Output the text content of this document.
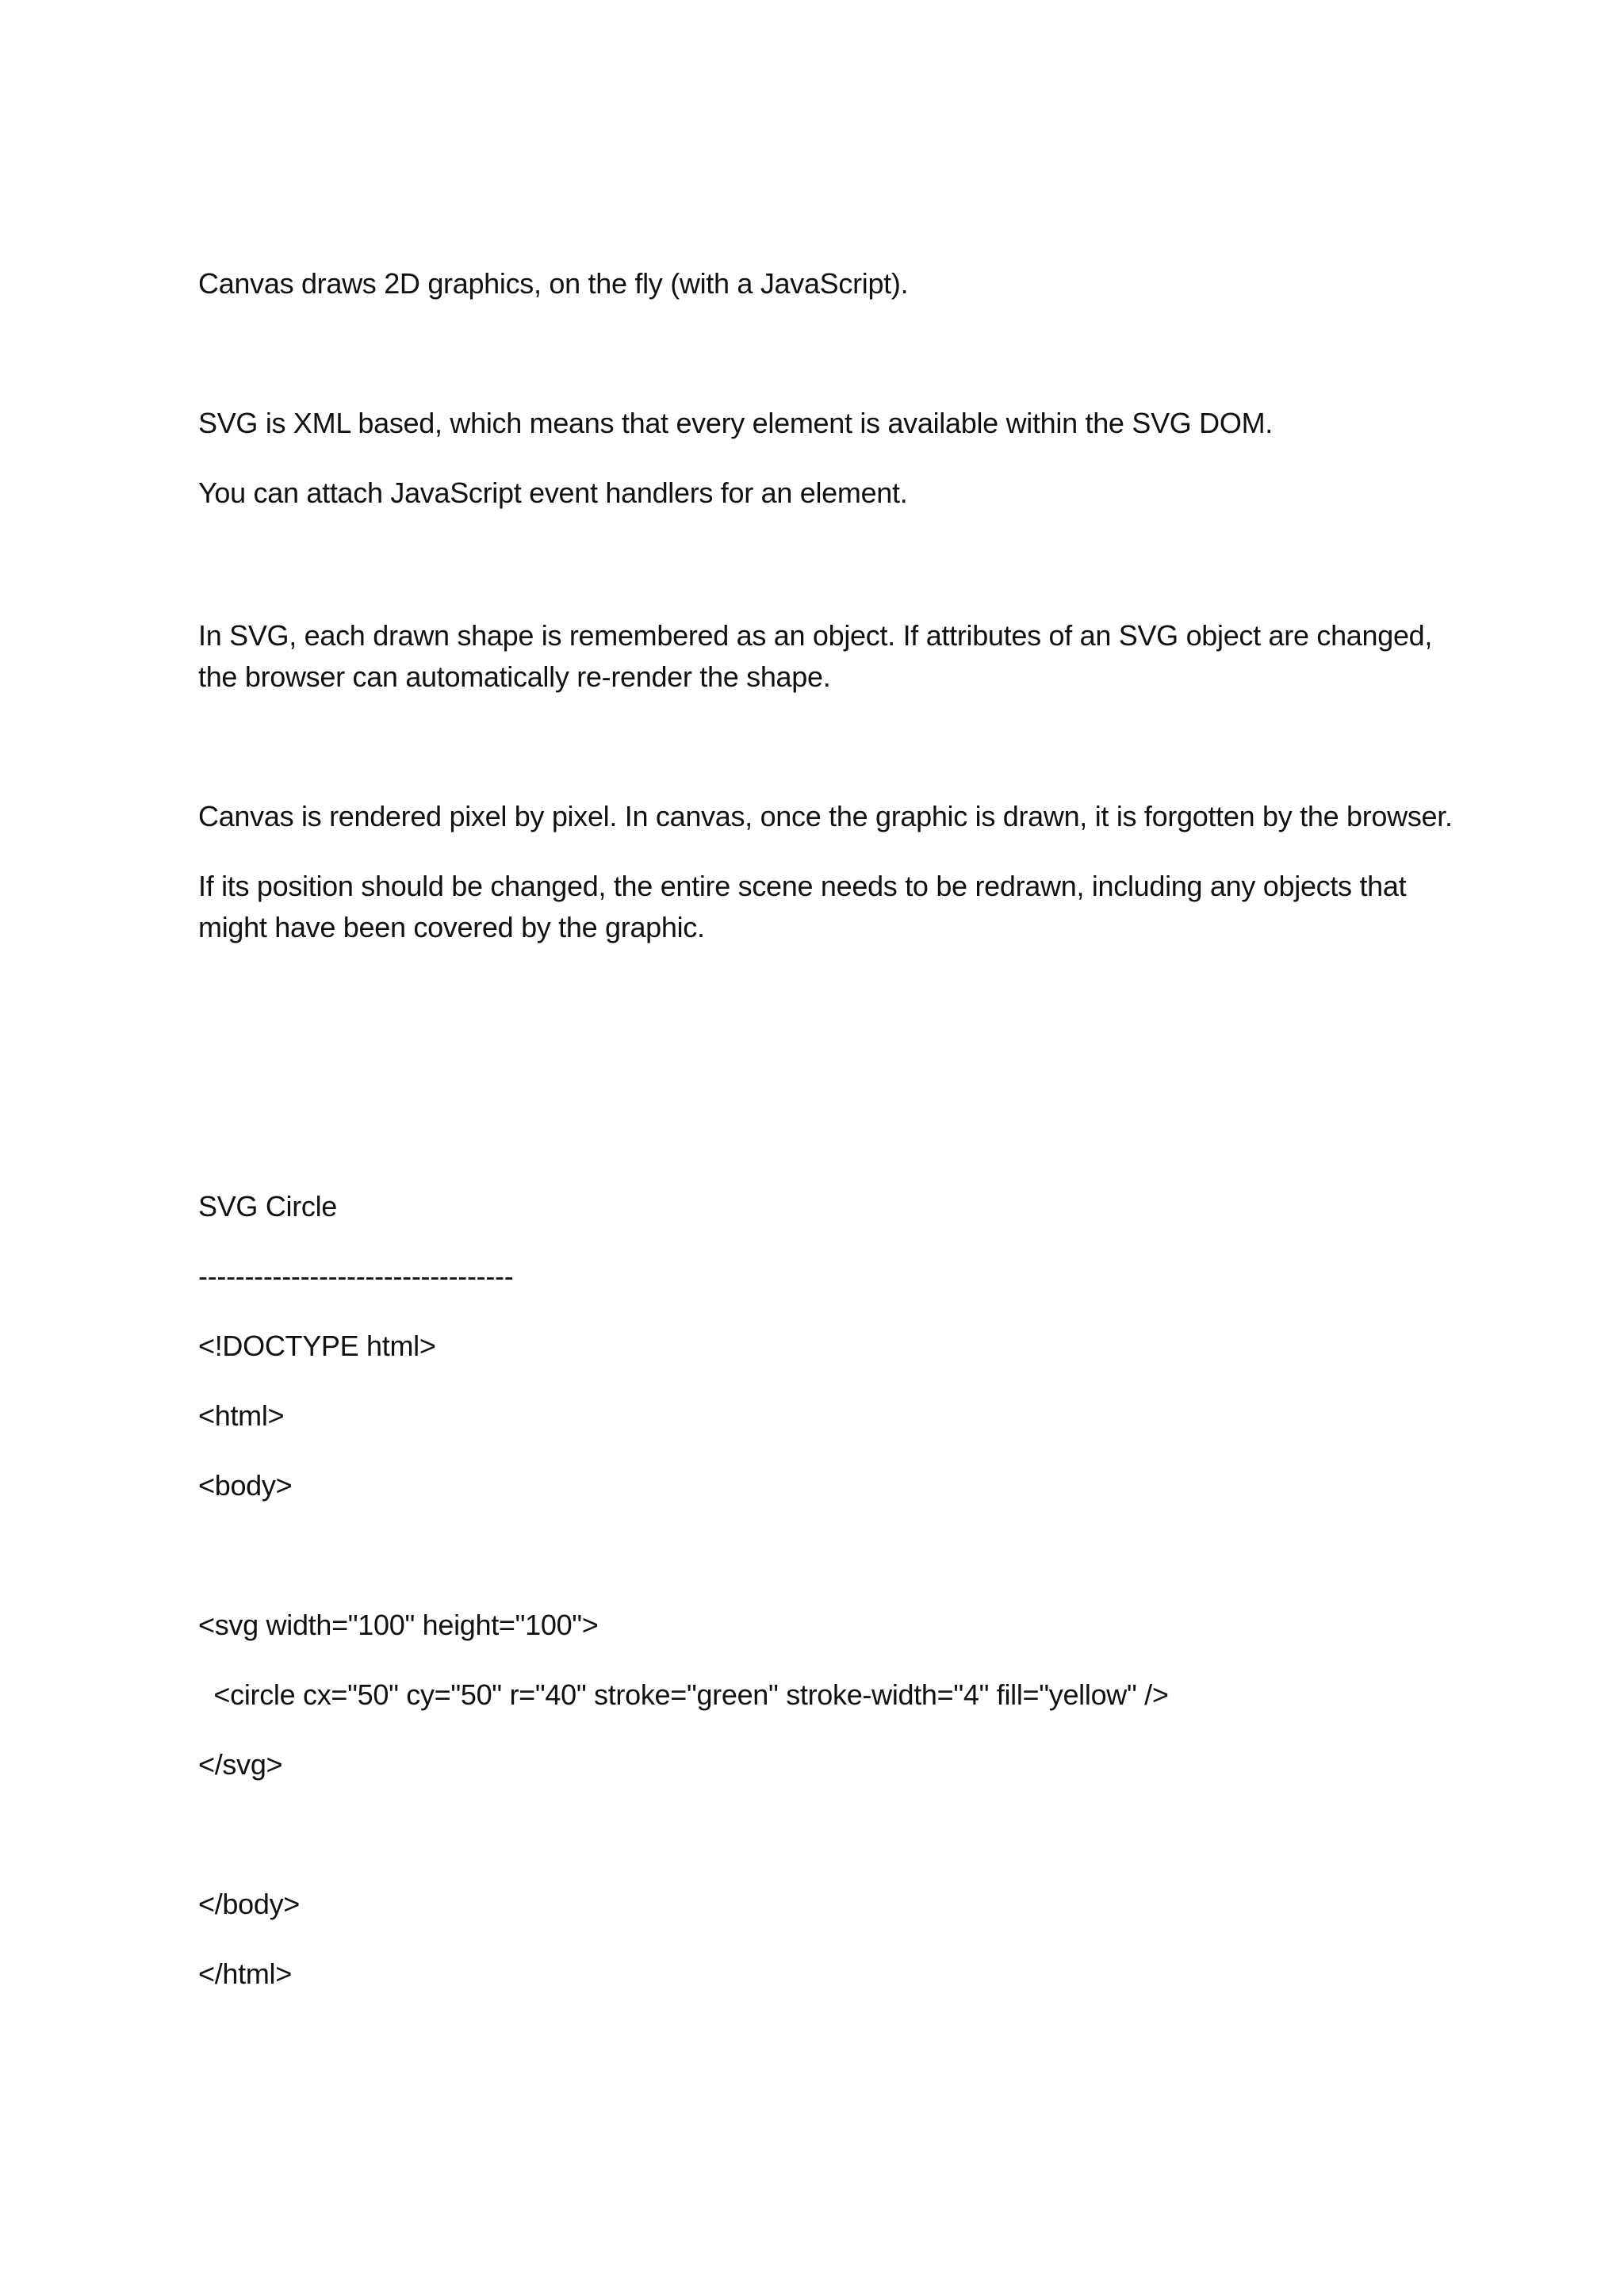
Canvas draws 2D graphics, on the fly (with a JavaScript).
SVG is XML based, which means that every element is available within the SVG DOM.
You can attach JavaScript event handlers for an element.
In SVG, each drawn shape is remembered as an object. If attributes of an SVG object are changed,
the browser can automatically re-render the shape.
Canvas is rendered pixel by pixel. In canvas, once the graphic is drawn, it is forgotten by the browser.
If its position should be changed, the entire scene needs to be redrawn, including any objects that
might have been covered by the graphic.
SVG Circle
----------------------------------
<!DOCTYPE html>
<html>
<body>
<svg width="100" height="100">
<circle cx="50" cy="50" r="40" stroke="green" stroke-width="4" fill="yellow" />
</svg>
</body>
</html>
